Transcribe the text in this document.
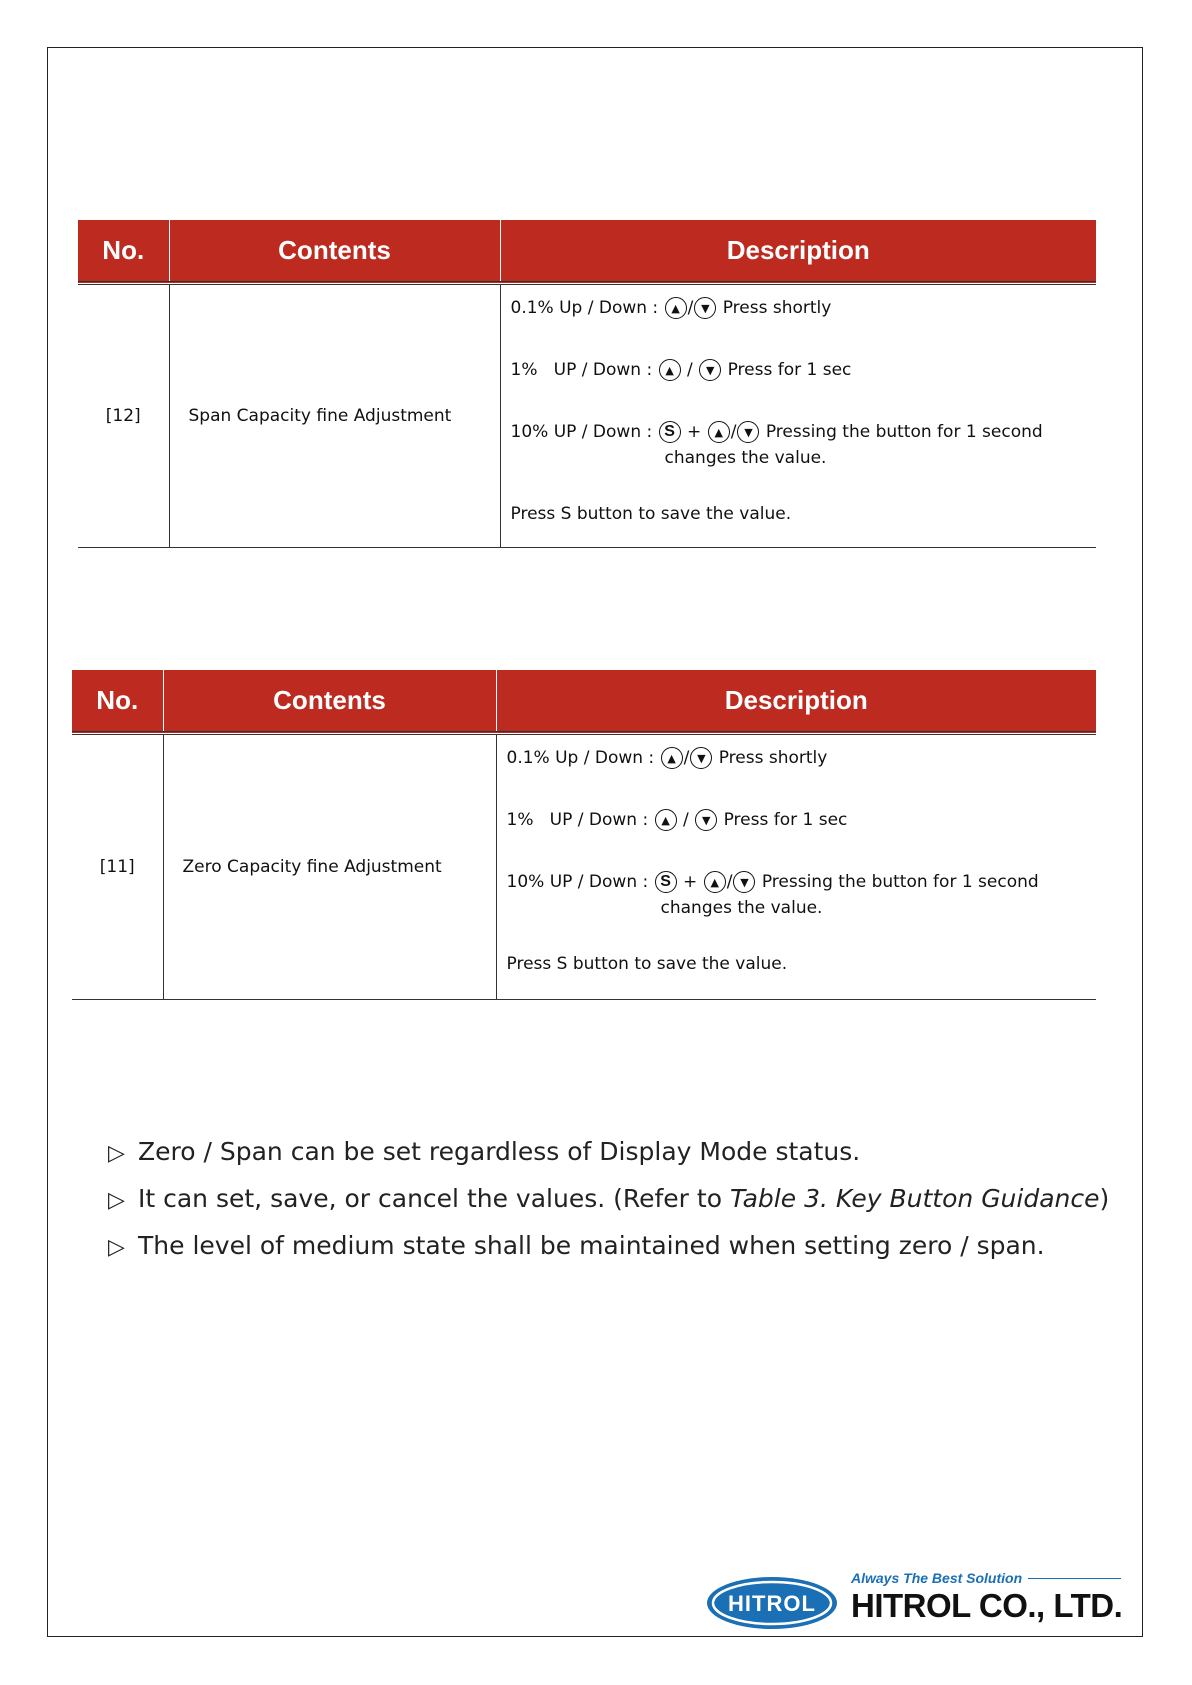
No.	Contents	Description
[12]	Span Capacity fine Adjustment	0.1% Up / Down : ▲ / ▼ Press shortly
1%   UP / Down : ▲ / ▼ Press for 1 sec
10% UP / Down : S + ▲ / ▼ Pressing the button for 1 second
changes the value.
Press S button to save the value.
No.	Contents	Description
[11]	Zero Capacity fine Adjustment	0.1% Up / Down : ▲ / ▼ Press shortly
1%   UP / Down : ▲ / ▼ Press for 1 sec
10% UP / Down : S + ▲ / ▼ Pressing the button for 1 second
changes the value.
Press S button to save the value.
▷ Zero / Span can be set regardless of Display Mode status.
▷ It can set, save, or cancel the values. (Refer to Table 3. Key Button Guidance)
▷ The level of medium state shall be maintained when setting zero / span.
HITROL
Always The Best Solution
HITROL CO., LTD.
